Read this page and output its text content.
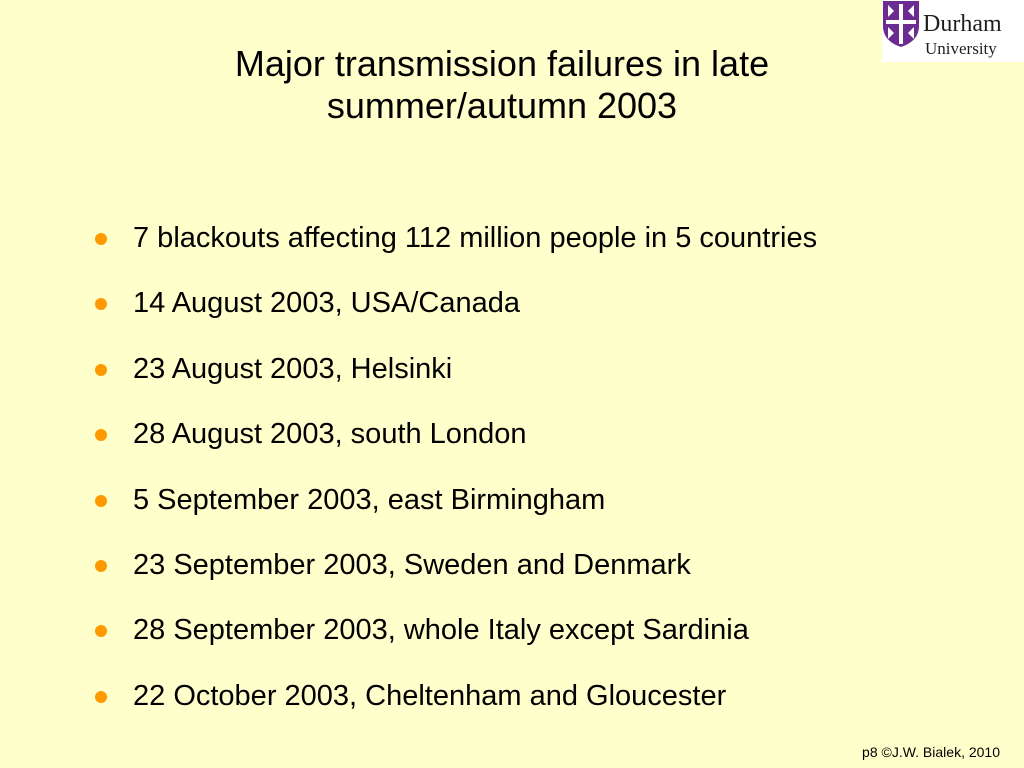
Durham
University
Major transmission failures in late
summer/autumn 2003
7 blackouts affecting 112 million people in 5 countries
14 August 2003, USA/Canada
23 August 2003, Helsinki
28 August 2003, south London
5 September 2003, east Birmingham
23 September 2003, Sweden and Denmark
28 September 2003, whole Italy except Sardinia
22 October 2003, Cheltenham and Gloucester
p8 ©J.W. Bialek, 2010
